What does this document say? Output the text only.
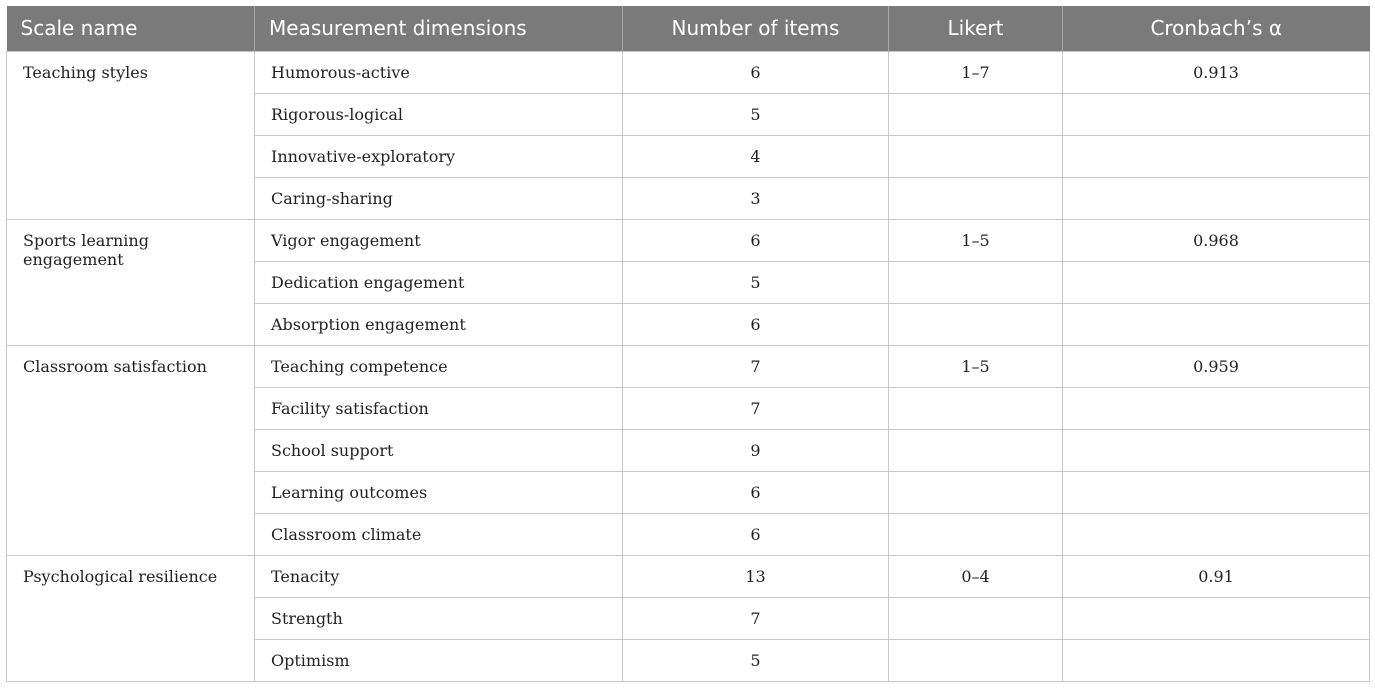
Scale name	Measurement dimensions	Number of items	Likert	Cronbach’s α
Teaching styles	Humorous-active	6	1–7	0.913
	Rigorous-logical	5		
	Innovative-exploratory	4		
	Caring-sharing	3		
Sports learning engagement	Vigor engagement	6	1–5	0.968
	Dedication engagement	5		
	Absorption engagement	6		
Classroom satisfaction	Teaching competence	7	1–5	0.959
	Facility satisfaction	7		
	School support	9		
	Learning outcomes	6		
	Classroom climate	6		
Psychological resilience	Tenacity	13	0–4	0.91
	Strength	7		
	Optimism	5		
